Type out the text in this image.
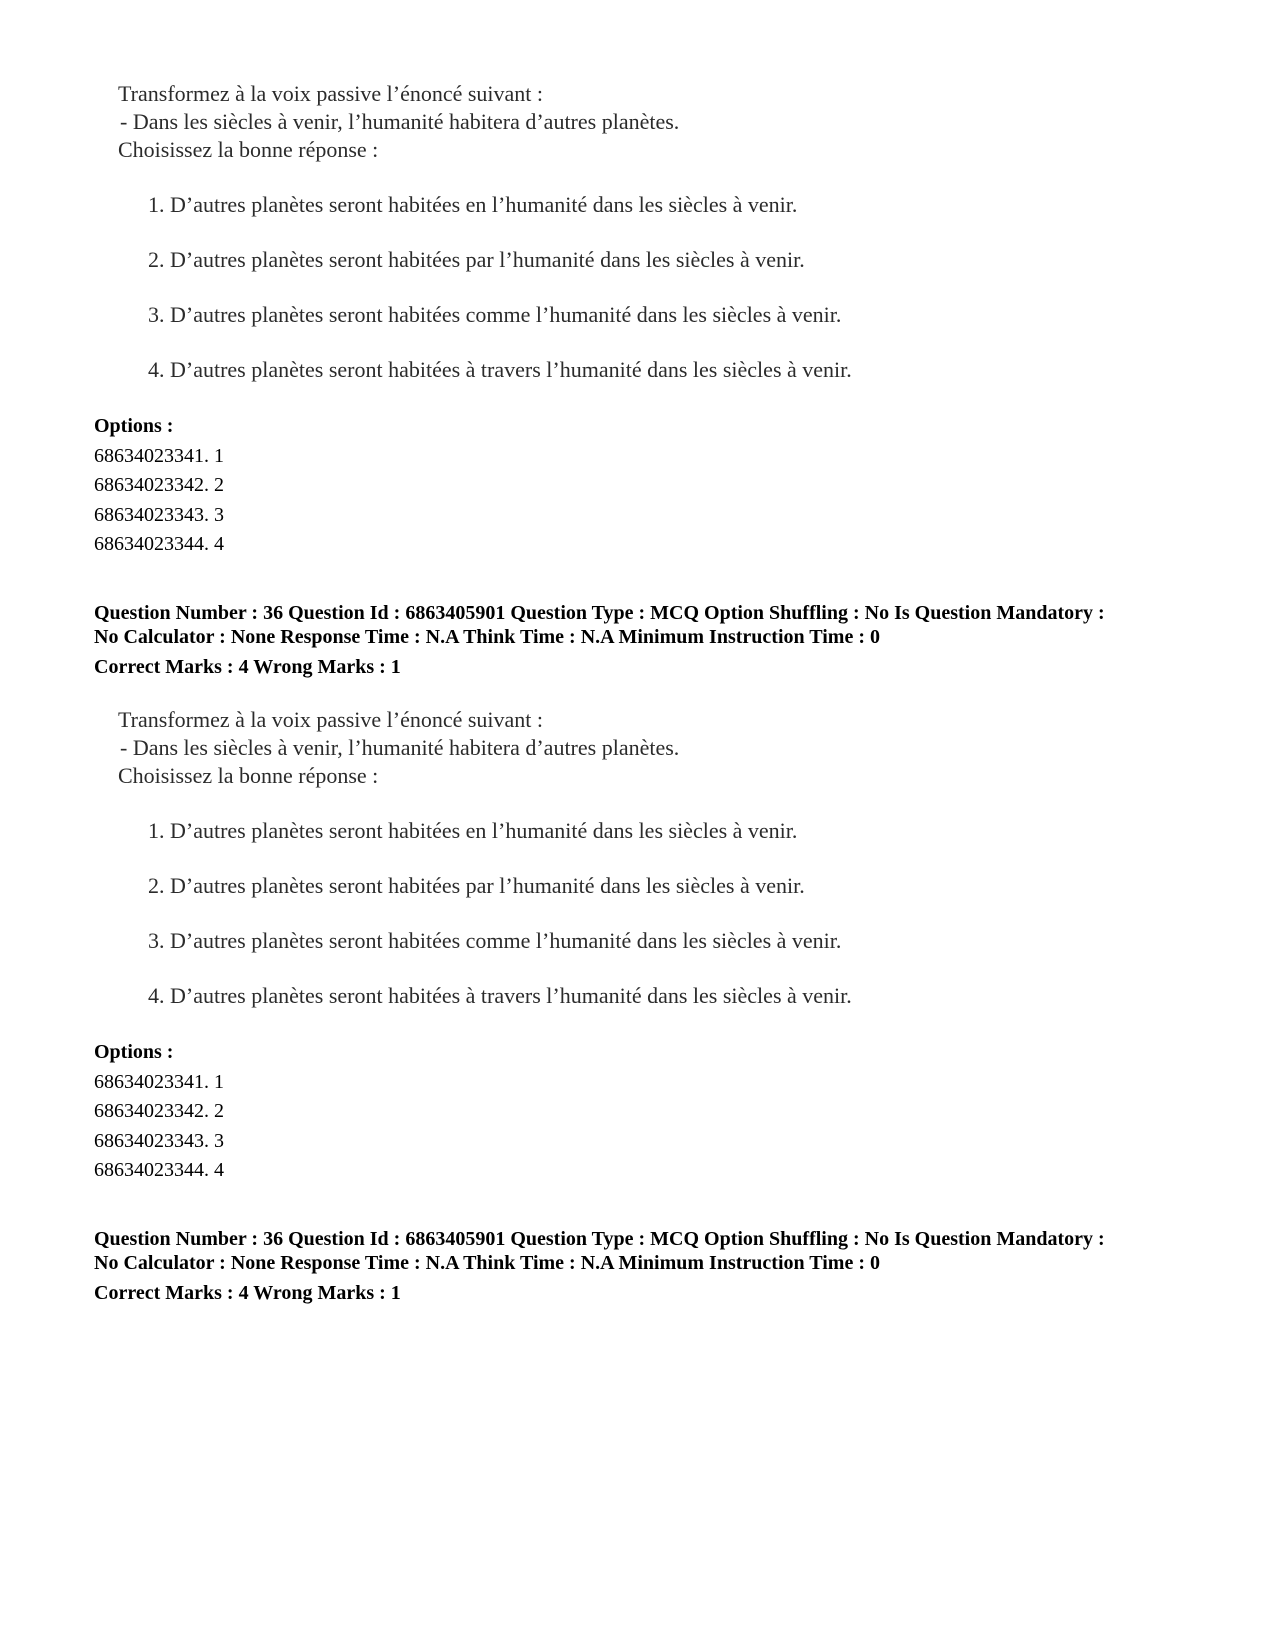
Transformez à la voix passive l’énoncé suivant :
- Dans les siècles à venir, l’humanité habitera d’autres planètes.
Choisissez la bonne réponse :
1. D’autres planètes seront habitées en l’humanité dans les siècles à venir.
2. D’autres planètes seront habitées par l’humanité dans les siècles à venir.
3. D’autres planètes seront habitées comme l’humanité dans les siècles à venir.
4. D’autres planètes seront habitées à travers l’humanité dans les siècles à venir.
Options :
68634023341. 1
68634023342. 2
68634023343. 3
68634023344. 4
Question Number : 36 Question Id : 6863405901 Question Type : MCQ Option Shuffling : No Is Question Mandatory :
No Calculator : None Response Time : N.A Think Time : N.A Minimum Instruction Time : 0
Correct Marks : 4 Wrong Marks : 1
Transformez à la voix passive l’énoncé suivant :
- Dans les siècles à venir, l’humanité habitera d’autres planètes.
Choisissez la bonne réponse :
1. D’autres planètes seront habitées en l’humanité dans les siècles à venir.
2. D’autres planètes seront habitées par l’humanité dans les siècles à venir.
3. D’autres planètes seront habitées comme l’humanité dans les siècles à venir.
4. D’autres planètes seront habitées à travers l’humanité dans les siècles à venir.
Options :
68634023341. 1
68634023342. 2
68634023343. 3
68634023344. 4
Question Number : 36 Question Id : 6863405901 Question Type : MCQ Option Shuffling : No Is Question Mandatory :
No Calculator : None Response Time : N.A Think Time : N.A Minimum Instruction Time : 0
Correct Marks : 4 Wrong Marks : 1
